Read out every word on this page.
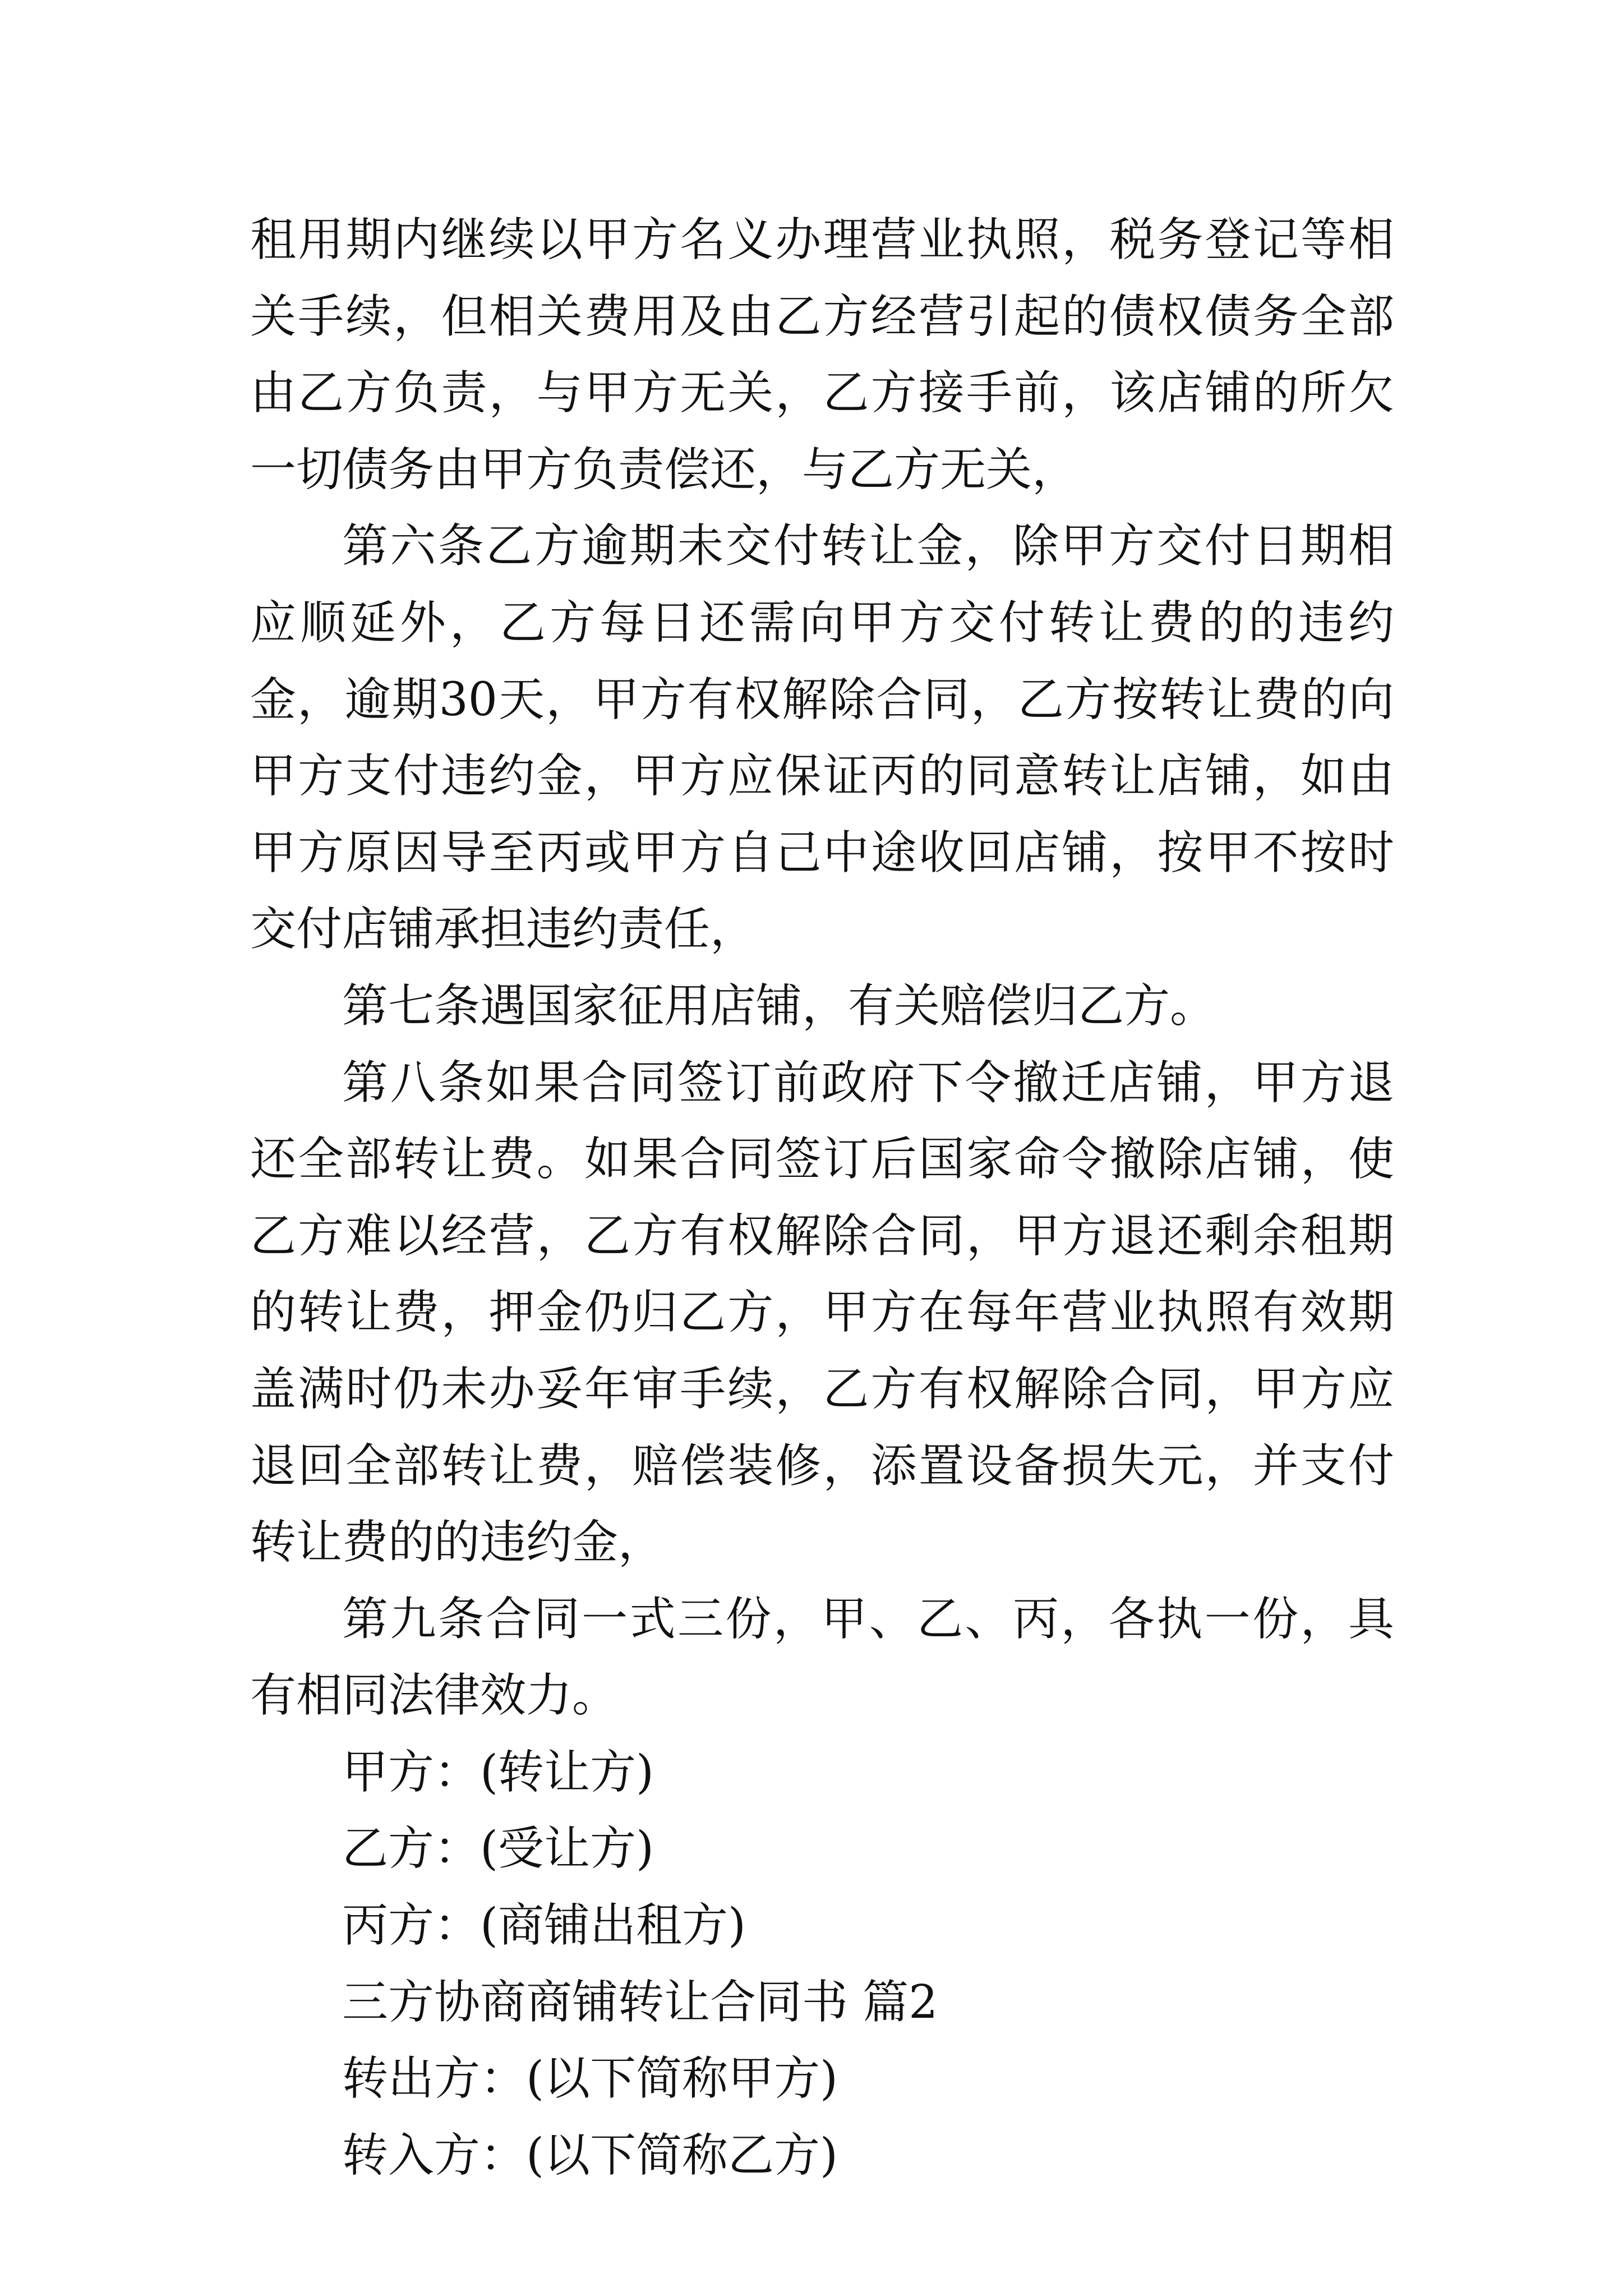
租用期内继续以甲方名义办理营业执照，税务登记等相关手续，但相关费用及由乙方经营引起的债权债务全部由乙方负责，与甲方无关，乙方接手前，该店铺的所欠一切债务由甲方负责偿还，与乙方无关，

第六条乙方逾期未交付转让金，除甲方交付日期相应顺延外，乙方每日还需向甲方交付转让费的的违约金，逾期30天，甲方有权解除合同，乙方按转让费的向甲方支付违约金，甲方应保证丙的同意转让店铺，如由甲方原因导至丙或甲方自己中途收回店铺，按甲不按时交付店铺承担违约责任，

第七条遇国家征用店铺，有关赔偿归乙方。

第八条如果合同签订前政府下令撤迁店铺，甲方退还全部转让费。如果合同签订后国家命令撤除店铺，使乙方难以经营，乙方有权解除合同，甲方退还剩余租期的转让费，押金仍归乙方，甲方在每年营业执照有效期盖满时仍未办妥年审手续，乙方有权解除合同，甲方应退回全部转让费，赔偿装修，添置设备损失元，并支付转让费的的违约金，

第九条合同一式三份，甲、乙、丙，各执一份，具有相同法律效力。

甲方：(转让方)

乙方：(受让方)

丙方：(商铺出租方)

三方协商商铺转让合同书 篇2

转出方：(以下简称甲方)

转入方：(以下简称乙方)
